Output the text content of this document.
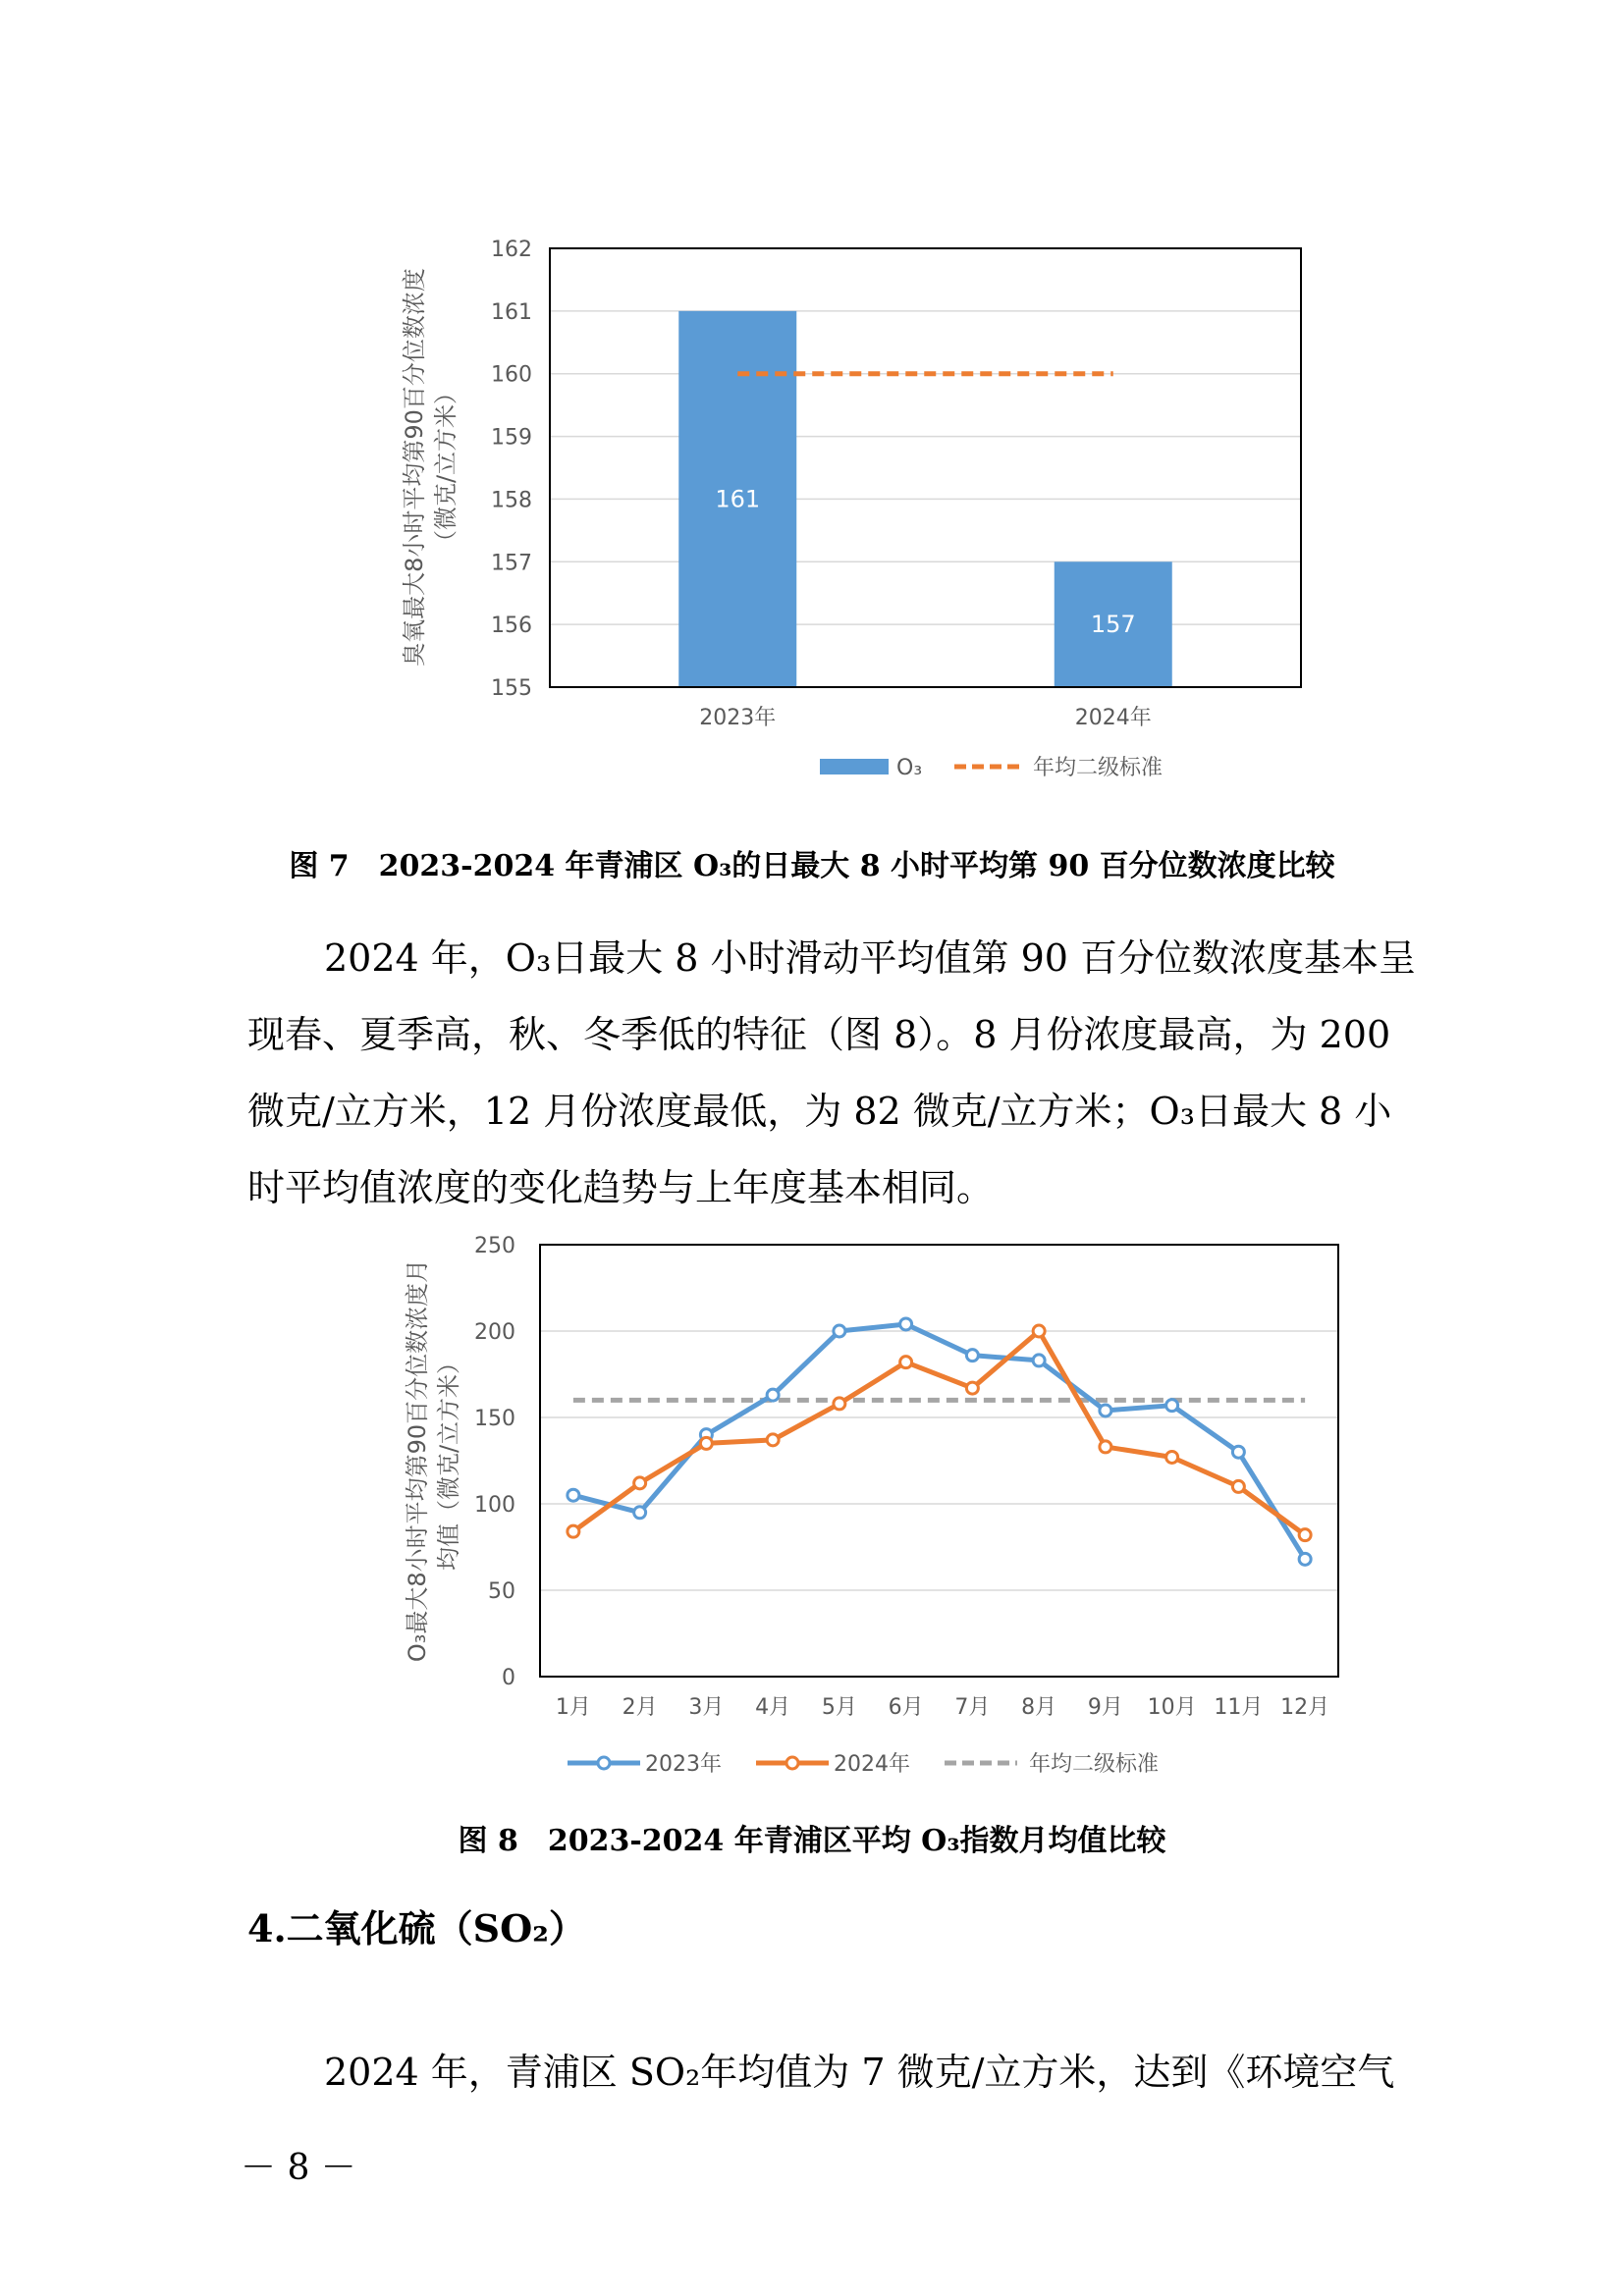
155
156
157
158
159
160
161
162
161
157
2023年	2024年
臭氧最大8小时平均第90百分位数浓度 （微克/立方米）
O₃	年均二级标准
图 7　2023-2024 年青浦区 O₃的日最大 8 小时平均第 90 百分位数浓度比较
2024 年，O₃日最大 8 小时滑动平均值第 90 百分位数浓度基本呈
现春、夏季高，秋、冬季低的特征（图 8）。8 月份浓度最高，为 200
微克/立方米，12 月份浓度最低，为 82 微克/立方米；O₃日最大 8 小
时平均值浓度的变化趋势与上年度基本相同。
0
50
100
150
200
250
1月 2月 3月 4月 5月 6月 7月 8月 9月 10月 11月 12月
O₃最大8小时平均第90百分位数浓度月 均值（微克/立方米）
2023年	2024年	年均二级标准
图 8　2023-2024 年青浦区平均 O₃指数月均值比较
4.二氧化硫（SO₂）
2024 年，青浦区 SO₂年均值为 7 微克/立方米，达到《环境空气
－ 8 －
